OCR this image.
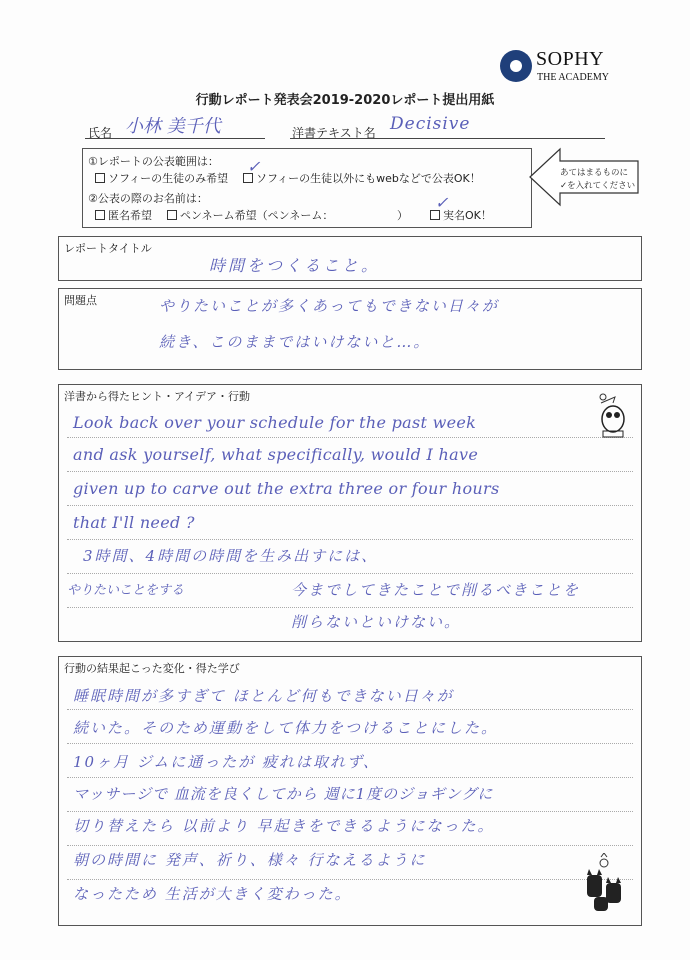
SOPHY
THE ACADEMY
行動レポート発表会2019-2020レポート提出用紙
氏名 小林 美千代	洋書テキスト名 Decisive
①レポートの公表範囲は：
ソフィーの生徒のみ希望	ソフィーの生徒以外にもwebなどで公表OK！
✓
②公表の際のお名前は：
匿名希望	ペンネーム希望（ペンネーム：	）	実名OK！
✓
あてはまるものに
✓を入れてください
レポートタイトル
時間をつくること。
問題点	やりたいことが多くあってもできない日々が
続き、このままではいけないと…。
洋書から得たヒント・アイデア・行動
Look back over your schedule for the past week
and ask yourself, what specifically, would I have
given up to carve out the extra three or four hours
that I'll need ?
3時間、4時間の時間を生み出すには、
やりたいことをする	今までしてきたことで削るべきことを
削らないといけない。
行動の結果起こった変化・得た学び
睡眠時間が多すぎて ほとんど何もできない日々が
続いた。そのため運動をして体力をつけることにした。
10ヶ月 ジムに通ったが 疲れは取れず、
マッサージで 血流を良くしてから 週に1度のジョギングに
切り替えたら 以前より 早起きをできるようになった。
朝の時間に 発声、祈り、様々 行なえるように
なったため 生活が大きく変わった。
